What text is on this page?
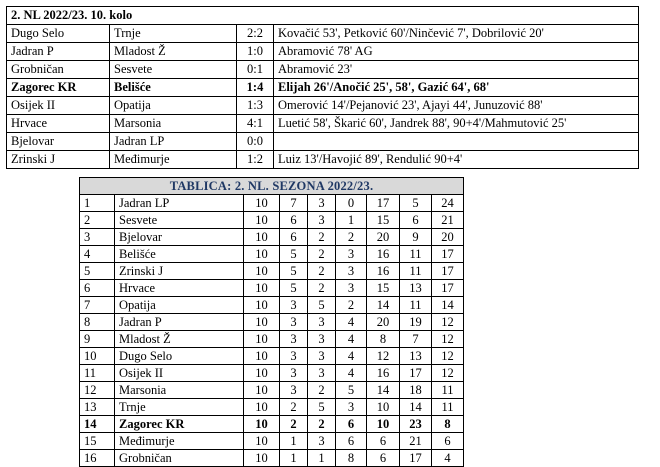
2. NL 2022/23. 10. kolo			
Dugo Selo	Trnje	2:2	Kovačić 53', Petković 60'/Ninčević 7', Dobrilović 20'
Jadran P	Mladost Ž	1:0	Abramović 78' AG
Grobničan	Sesvete	0:1	Abramović 23'
Zagorec KR	Belišće	1:4	Elijah 26'/Anočić 25', 58', Gazić 64', 68'
Osijek II	Opatija	1:3	Omerović 14'/Pejanović 23', Ajayi 44', Junuzović 88'
Hrvace	Marsonia	4:1	Luetić 58', Škarić 60', Jandrek 88', 90+4'/Mahmutović 25'
Bjelovar	Jadran LP	0:0	
Zrinski J	Međimurje	1:2	Luiz 13'/Havojić 89', Rendulić 90+4'
TABLICA: 2. NL. SEZONA 2022/23.								
1	Jadran LP	10	7	3	0	17	5	24
2	Sesvete	10	6	3	1	15	6	21
3	Bjelovar	10	6	2	2	20	9	20
4	Belišće	10	5	2	3	16	11	17
5	Zrinski J	10	5	2	3	16	11	17
6	Hrvace	10	5	2	3	15	13	17
7	Opatija	10	3	5	2	14	11	14
8	Jadran P	10	3	3	4	20	19	12
9	Mladost Ž	10	3	3	4	8	7	12
10	Dugo Selo	10	3	3	4	12	13	12
11	Osijek II	10	3	3	4	16	17	12
12	Marsonia	10	3	2	5	14	18	11
13	Trnje	10	2	5	3	10	14	11
14	Zagorec KR	10	2	2	6	10	23	8
15	Međimurje	10	1	3	6	6	21	6
16	Grobničan	10	1	1	8	6	17	4
